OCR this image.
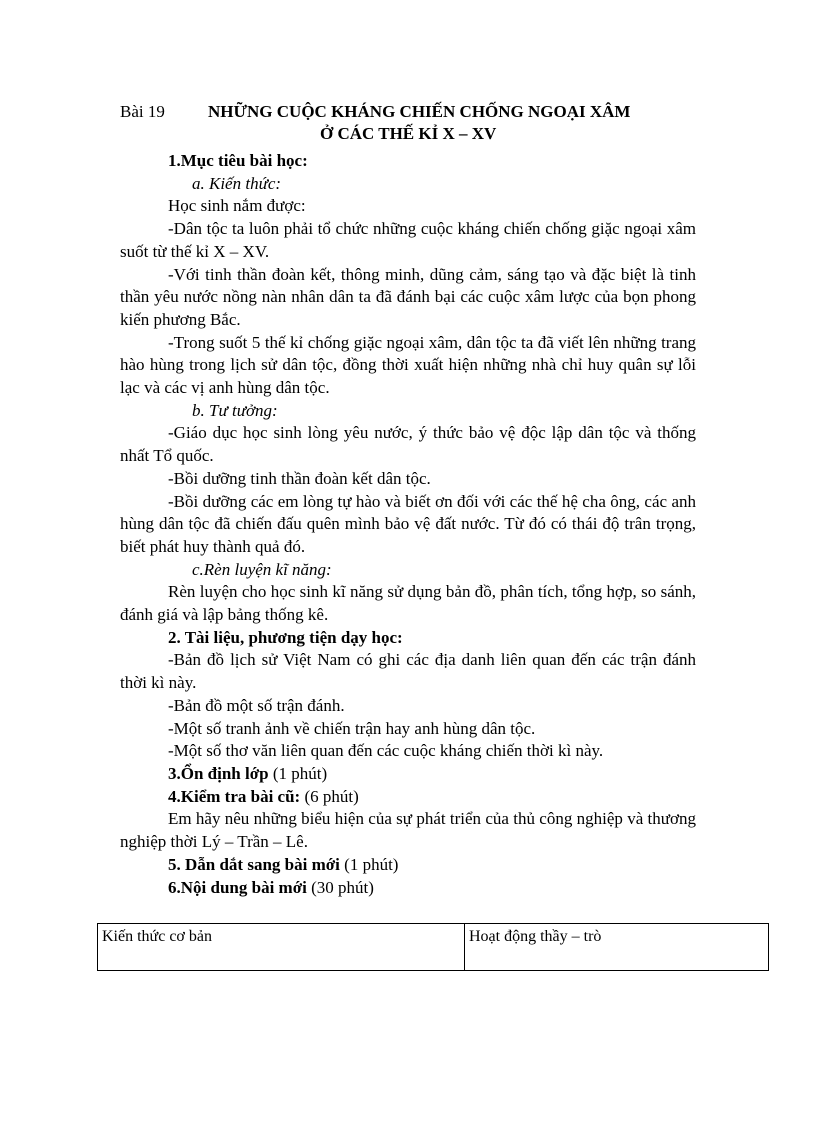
Bài 19	NHỮNG CUỘC KHÁNG CHIẾN CHỐNG NGOẠI XÂM
Ở CÁC THẾ KỈ X – XV

1.Mục tiêu bài học:

a. Kiến thức:

Học sinh nắm được:

-Dân tộc ta luôn phải tổ chức những cuộc kháng chiến chống giặc ngoại xâm suốt từ thế kỉ X – XV.

-Với tinh thần đoàn kết, thông minh, dũng cảm, sáng tạo và đặc biệt là tinh thần yêu nước nồng nàn nhân dân ta đã đánh bại các cuộc xâm lược của bọn phong kiến phương Bắc.

-Trong suốt 5 thế kỉ chống giặc ngoại xâm, dân tộc ta đã viết lên những trang hào hùng trong lịch sử dân tộc, đồng thời xuất hiện những nhà chỉ huy quân sự lỗi lạc và các vị anh hùng dân tộc.

b. Tư tưởng:

-Giáo dục học sinh lòng yêu nước, ý thức bảo vệ độc lập dân tộc và thống nhất Tổ quốc.

-Bồi dưỡng tinh thần đoàn kết dân tộc.

-Bồi dưỡng các em lòng tự hào và biết ơn đối với các thế hệ cha ông, các anh hùng dân tộc đã chiến đấu quên mình bảo vệ đất nước. Từ đó có thái độ trân trọng, biết phát huy thành quả đó.

c.Rèn luyện kĩ năng:

Rèn luyện cho học sinh kĩ năng sử dụng bản đồ, phân tích, tổng hợp, so sánh, đánh giá và lập bảng thống kê.

2. Tài liệu, phương tiện dạy học:

-Bản đồ lịch sử Việt Nam có ghi các địa danh liên quan đến các trận đánh thời kì này.

-Bản đồ một số trận đánh.

-Một số tranh ảnh về chiến trận hay anh hùng dân tộc.

-Một số thơ văn liên quan đến các cuộc kháng chiến thời kì này.

3.Ổn định lớp (1 phút)

4.Kiểm tra bài cũ: (6 phút)

Em hãy nêu những biểu hiện của sự phát triển của thủ công nghiệp và thương nghiệp thời Lý – Trần – Lê.

5. Dẫn dắt sang bài mới (1 phút)

6.Nội dung bài mới (30 phút)

Kiến thức cơ bản	Hoạt động thầy – trò
